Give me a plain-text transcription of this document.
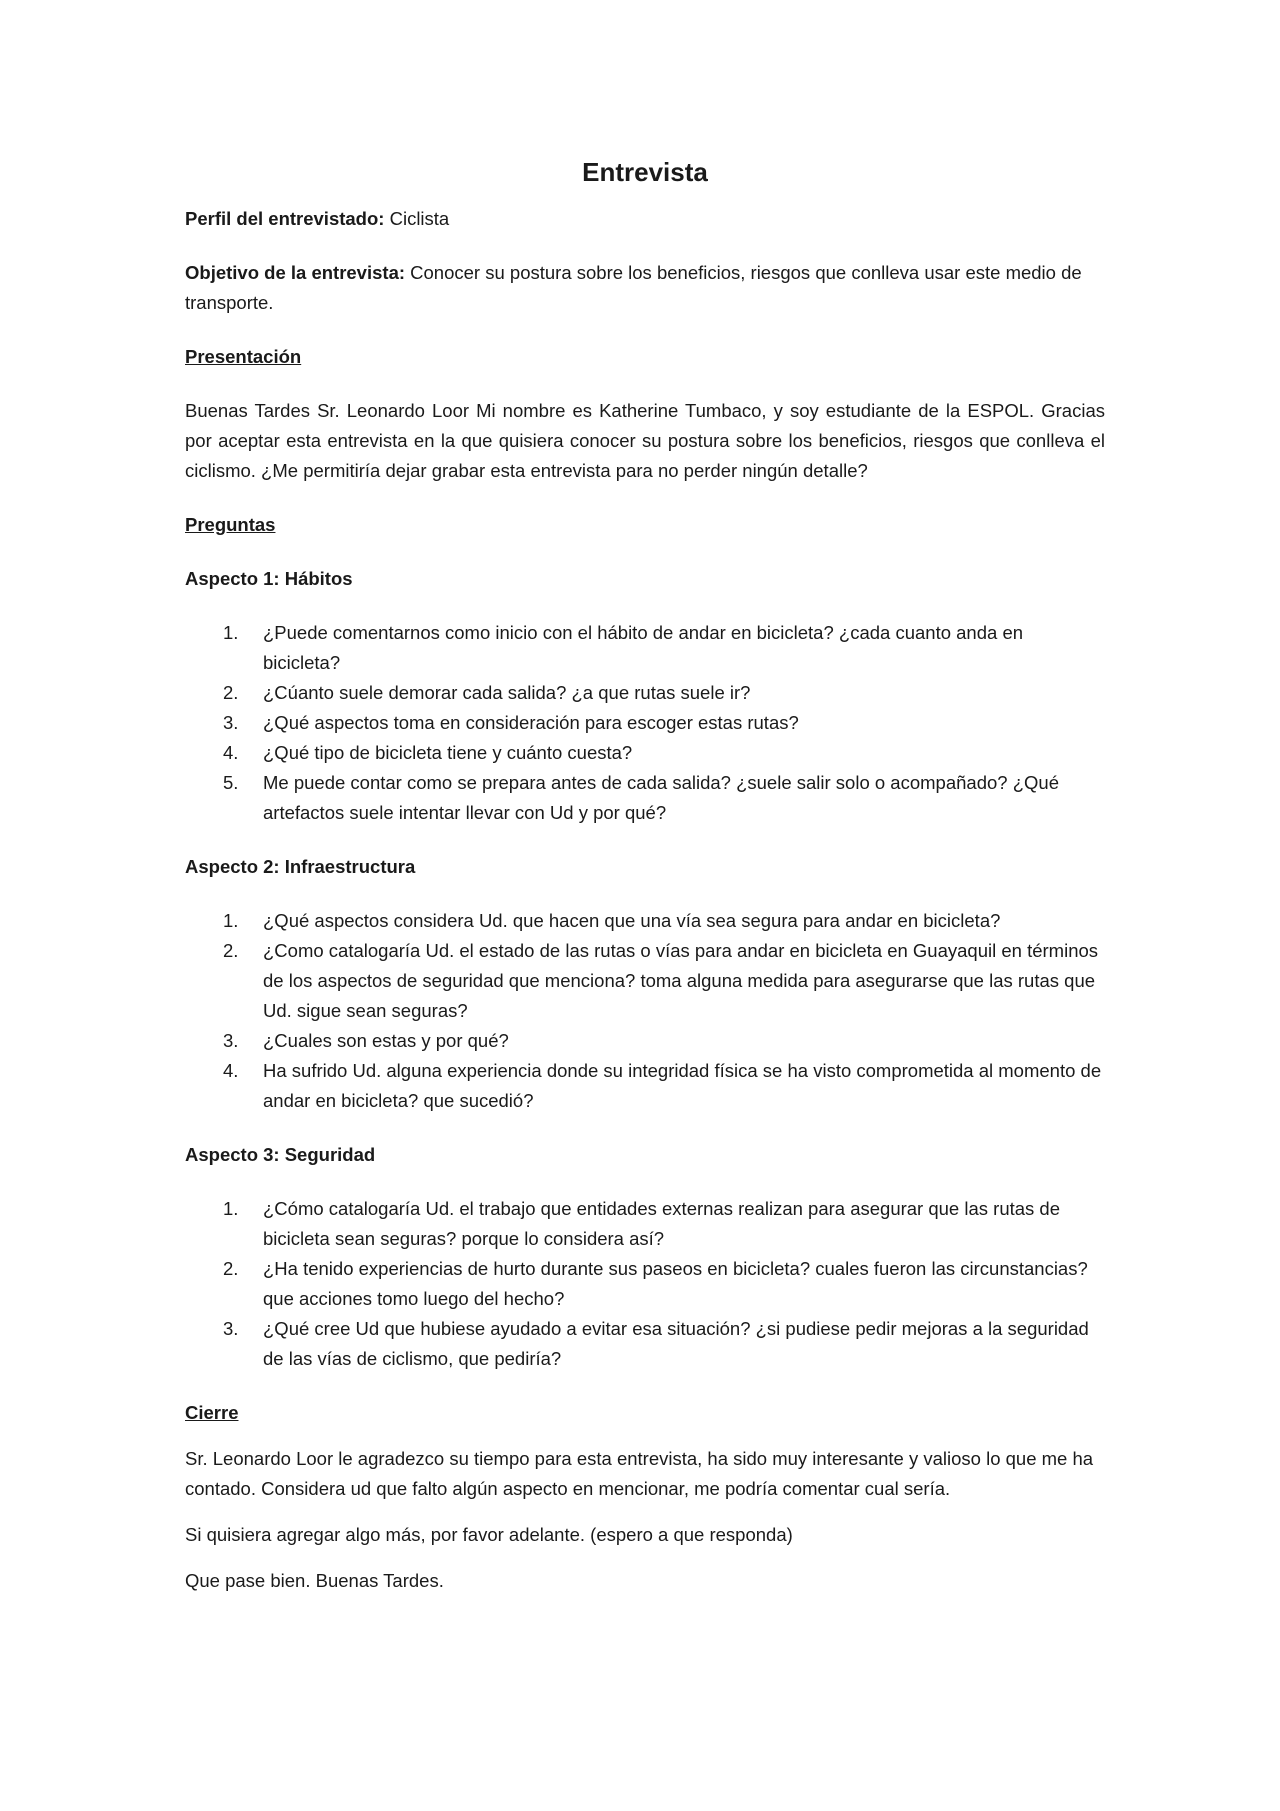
Entrevista

Perfil del entrevistado: Ciclista

Objetivo de la entrevista: Conocer su postura sobre los beneficios, riesgos que conlleva usar este medio de transporte.

Presentación

Buenas Tardes Sr. Leonardo Loor Mi nombre es Katherine Tumbaco, y soy estudiante de la ESPOL. Gracias por aceptar esta entrevista en la que quisiera conocer su postura sobre los beneficios, riesgos que conlleva el ciclismo. ¿Me permitiría dejar grabar esta entrevista para no perder ningún detalle?

Preguntas
Aspecto 1: Hábitos
1. ¿Puede comentarnos como inicio con el hábito de andar en bicicleta? ¿cada cuanto anda en bicicleta?
2. ¿Cúanto suele demorar cada salida? ¿a que rutas suele ir?
3. ¿Qué aspectos toma en consideración para escoger estas rutas?
4. ¿Qué tipo de bicicleta tiene y cuánto cuesta?
5. Me puede contar como se prepara antes de cada salida? ¿suele salir solo o acompañado? ¿Qué artefactos suele intentar llevar con Ud y por qué?
Aspecto 2: Infraestructura
1. ¿Qué aspectos considera Ud. que hacen que una vía sea segura para andar en bicicleta?
2. ¿Como catalogaría Ud. el estado de las rutas o vías para andar en bicicleta en Guayaquil en términos de los aspectos de seguridad que menciona? toma alguna medida para asegurarse que las rutas que Ud. sigue sean seguras?
3. ¿Cuales son estas y por qué?
4. Ha sufrido Ud. alguna experiencia donde su integridad física se ha visto comprometida al momento de andar en bicicleta? que sucedió?
Aspecto 3: Seguridad
1. ¿Cómo catalogaría Ud. el trabajo que entidades externas realizan para asegurar que las rutas de bicicleta sean seguras? porque lo considera así?
2. ¿Ha tenido experiencias de hurto durante sus paseos en bicicleta? cuales fueron las circunstancias? que acciones tomo luego del hecho?
3. ¿Qué cree Ud que hubiese ayudado a evitar esa situación? ¿si pudiese pedir mejoras a la seguridad de las vías de ciclismo, que pediría?
Cierre

Sr. Leonardo Loor le agradezco su tiempo para esta entrevista, ha sido muy interesante y valioso lo que me ha contado. Considera ud que falto algún aspecto en mencionar, me podría comentar cual sería.

Si quisiera agregar algo más, por favor adelante. (espero a que responda)

Que pase bien. Buenas Tardes.
